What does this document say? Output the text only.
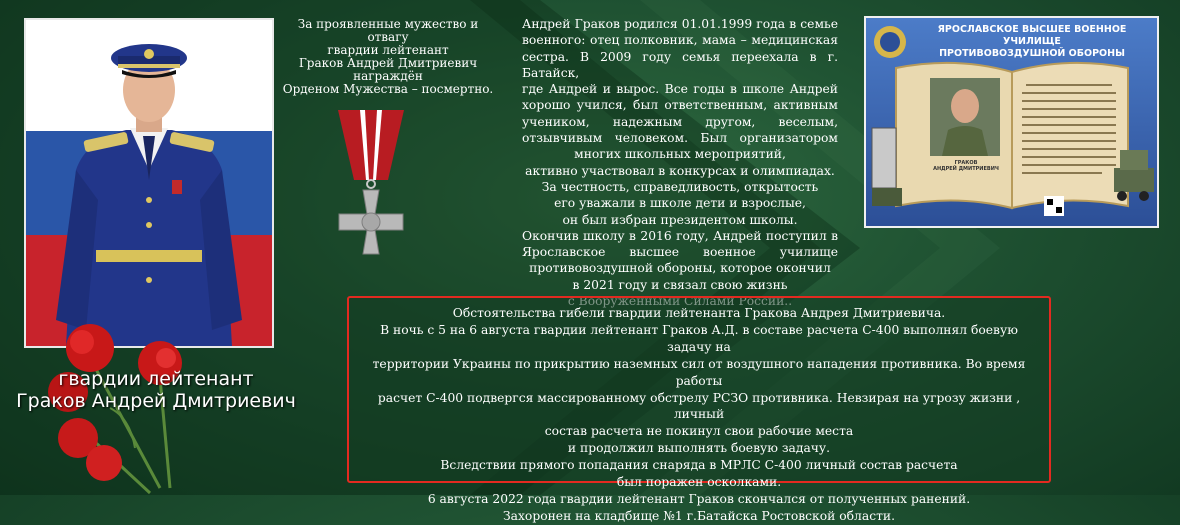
гвардии лейтенант
Граков Андрей Дмитриевич
За проявленные мужество и отвагу
гвардии лейтенант
Граков Андрей Дмитриевич
награждён
Орденом Мужества – посмертно.
Андрей Граков родился 01.01.1999 года в семье
военного: отец полковник, мама – медицинская
сестра. В 2009 году семья переехала в г. Батайск,
где Андрей и вырос. Все годы в школе Андрей
хорошо учился, был ответственным, активным
учеником, надежным другом, веселым,
отзывчивым человеком. Был организатором
многих школьных мероприятий,
активно участвовал в конкурсах и олимпиадах.
За честность, справедливость, открытость
его уважали в школе дети и взрослые,
он был избран президентом школы.
Окончив школу в 2016 году, Андрей поступил в
Ярославское высшее военное училище
противовоздушной обороны, которое окончил
в 2021 году и связал свою жизнь
ЯРОСЛАВСКОЕ ВЫСШЕЕ ВОЕННОЕ УЧИЛИЩЕ
ПРОТИВОВОЗДУШНОЙ ОБОРОНЫ
ГРАКОВ
АНДРЕЙ ДМИТРИЕВИЧ
Обстоятельства гибели гвардии лейтенанта Гракова Андрея Дмитриевича.
В ночь с 5 на 6 августа гвардии лейтенант Граков А.Д. в составе расчета С-400 выполнял боевую задачу на
территории Украины по прикрытию наземных сил от воздушного нападения противника. Во время работы
расчет С-400 подвергся массированному обстрелу РСЗО противника. Невзирая на угрозу жизни , личный
состав расчета не покинул свои рабочие места
и продолжил выполнять боевую задачу.
Вследствии прямого попадания снаряда в МРЛС С-400 личный состав расчета
был поражен осколками.
6 августа 2022 года гвардии лейтенант Граков скончался от полученных ранений.
Захоронен на кладбище №1 г.Батайска Ростовской области.
